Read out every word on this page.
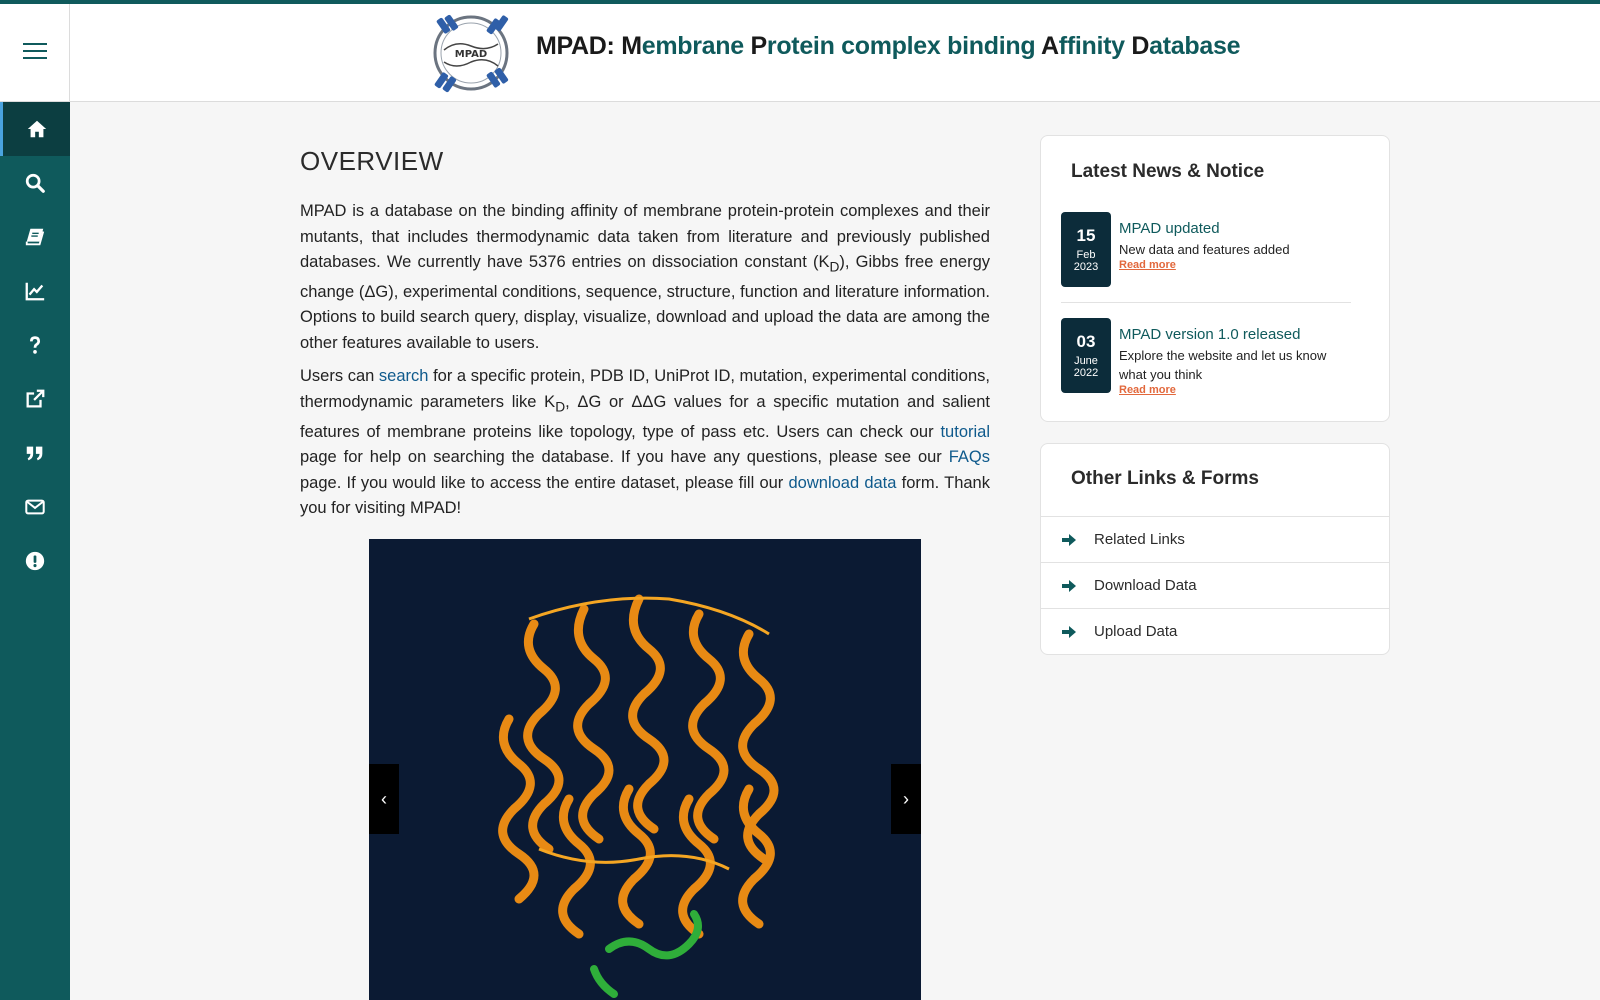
MPAD MPAD: Membrane Protein complex binding Affinity Database
OVERVIEW

MPAD is a database on the binding affinity of membrane protein-protein complexes and their mutants, that includes thermodynamic data taken from literature and previously published databases. We currently have 5376 entries on dissociation constant $(K_D)$, Gibbs free energy change (ΔG), experimental conditions, sequence, structure, function and literature information. Options to build search query, display, visualize, download and upload the data are among the other features available to users.

Users can search for a specific protein, PDB ID, UniProt ID, mutation, experimental conditions, thermodynamic parameters like $K_D$, ΔG or ΔΔG values for a specific mutation and salient features of membrane proteins like topology, type of pass etc. Users can check our tutorial page for help on searching the database. If you have any questions, please see our FAQs page. If you would like to access the entire dataset, please fill our download data form. Thank you for visiting MPAD!

‹	›
Latest News & Notice
15
Feb
2023
MPAD updated
New data and features added
Read more
03
June
2022
MPAD version 1.0 released
Explore the website and let us know what you think
Read more
Other Links & Forms
Related Links
Download Data
Upload Data
